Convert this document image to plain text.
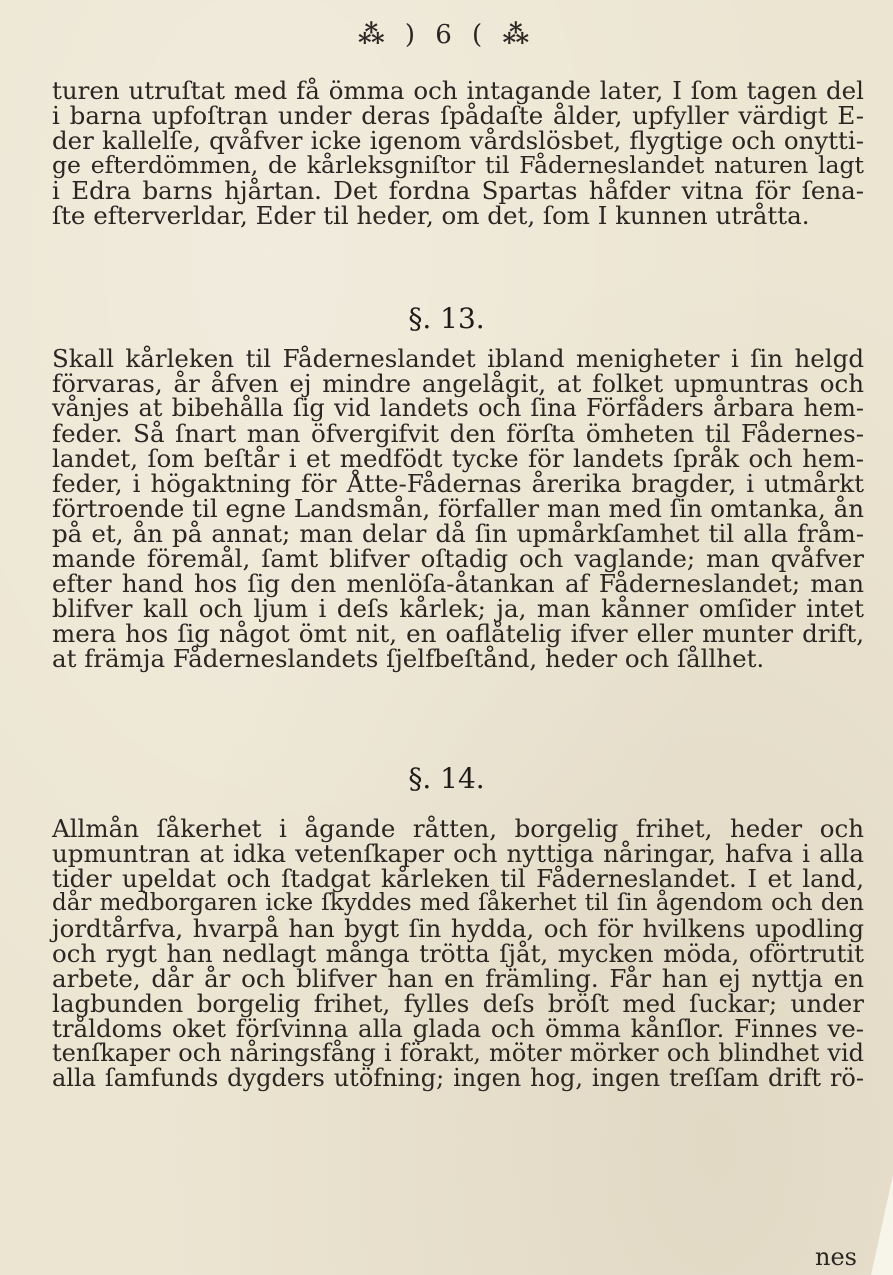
⁂ ) 6 ( ⁂
turen utruſtat med få ömma och intagande later, I ſom tagen del
i barna upfoſtran under deras ſpådaſte ålder, upfyller värdigt E-
der kallelſe, qvåfver icke igenom vårdslösbet, flygtige och onytti-
ge efterdömmen, de kårleksgniſtor til Fåderneslandet naturen lagt
i Edra barns hjårtan. Det fordna Spartas håfder vitna för ſena-
ſte efterverldar, Eder til heder, om det, ſom I kunnen utråtta.
§. 13.
Skall kårleken til Fåderneslandet ibland menigheter i ſin helgd
förvaras, år åfven ej mindre angelågit, at folket upmuntras och
vånjes at bibehålla ſig vid landets och ſina Förfåders årbara hem-
feder. Så ſnart man öfvergifvit den förſta ömheten til Fådernes-
landet, ſom beſtår i et medfödt tycke för landets ſpråk och hem-
feder, i högaktning för Åtte-Fådernas årerika bragder, i utmårkt
förtroende til egne Landsmån, förfaller man med ſin omtanka, ån
på et, ån på annat; man delar då ſin upmårkſamhet til alla fråm-
mande föremål, ſamt blifver oſtadig och vaglande; man qvåfver
efter hand hos ſig den menlöſa-åtankan af Fåderneslandet; man
blifver kall och ljum i deſs kårlek; ja, man kånner omſider intet
mera hos ſig något ömt nit, en oaflåtelig ifver eller munter drift,
at främja Fåderneslandets ſjelfbeſtånd, heder och ſållhet.
§. 14.
Allmån ſåkerhet i ågande råtten, borgelig frihet, heder och
upmuntran at idka vetenſkaper och nyttiga nåringar, hafva i alla
tider upeldat och ſtadgat kårleken til Fåderneslandet. I et land,
dår medborgaren icke ſkyddes med ſåkerhet til ſin ågendom och den
jordtårfva, hvarpå han bygt ſin hydda, och för hvilkens upodling
och rygt han nedlagt många trötta ſjåt, mycken möda, oförtrutit
arbete, dår år och blifver han en främling. Får han ej nyttja en
lagbunden borgelig frihet, fylles deſs bröſt med ſuckar; under
tråldoms oket förſvinna alla glada och ömma kånſlor. Finnes ve-
tenſkaper och nåringsfång i förakt, möter mörker och blindhet vid
alla ſamfunds dygders utöfning; ingen hog, ingen treſſam drift rö-
nes
